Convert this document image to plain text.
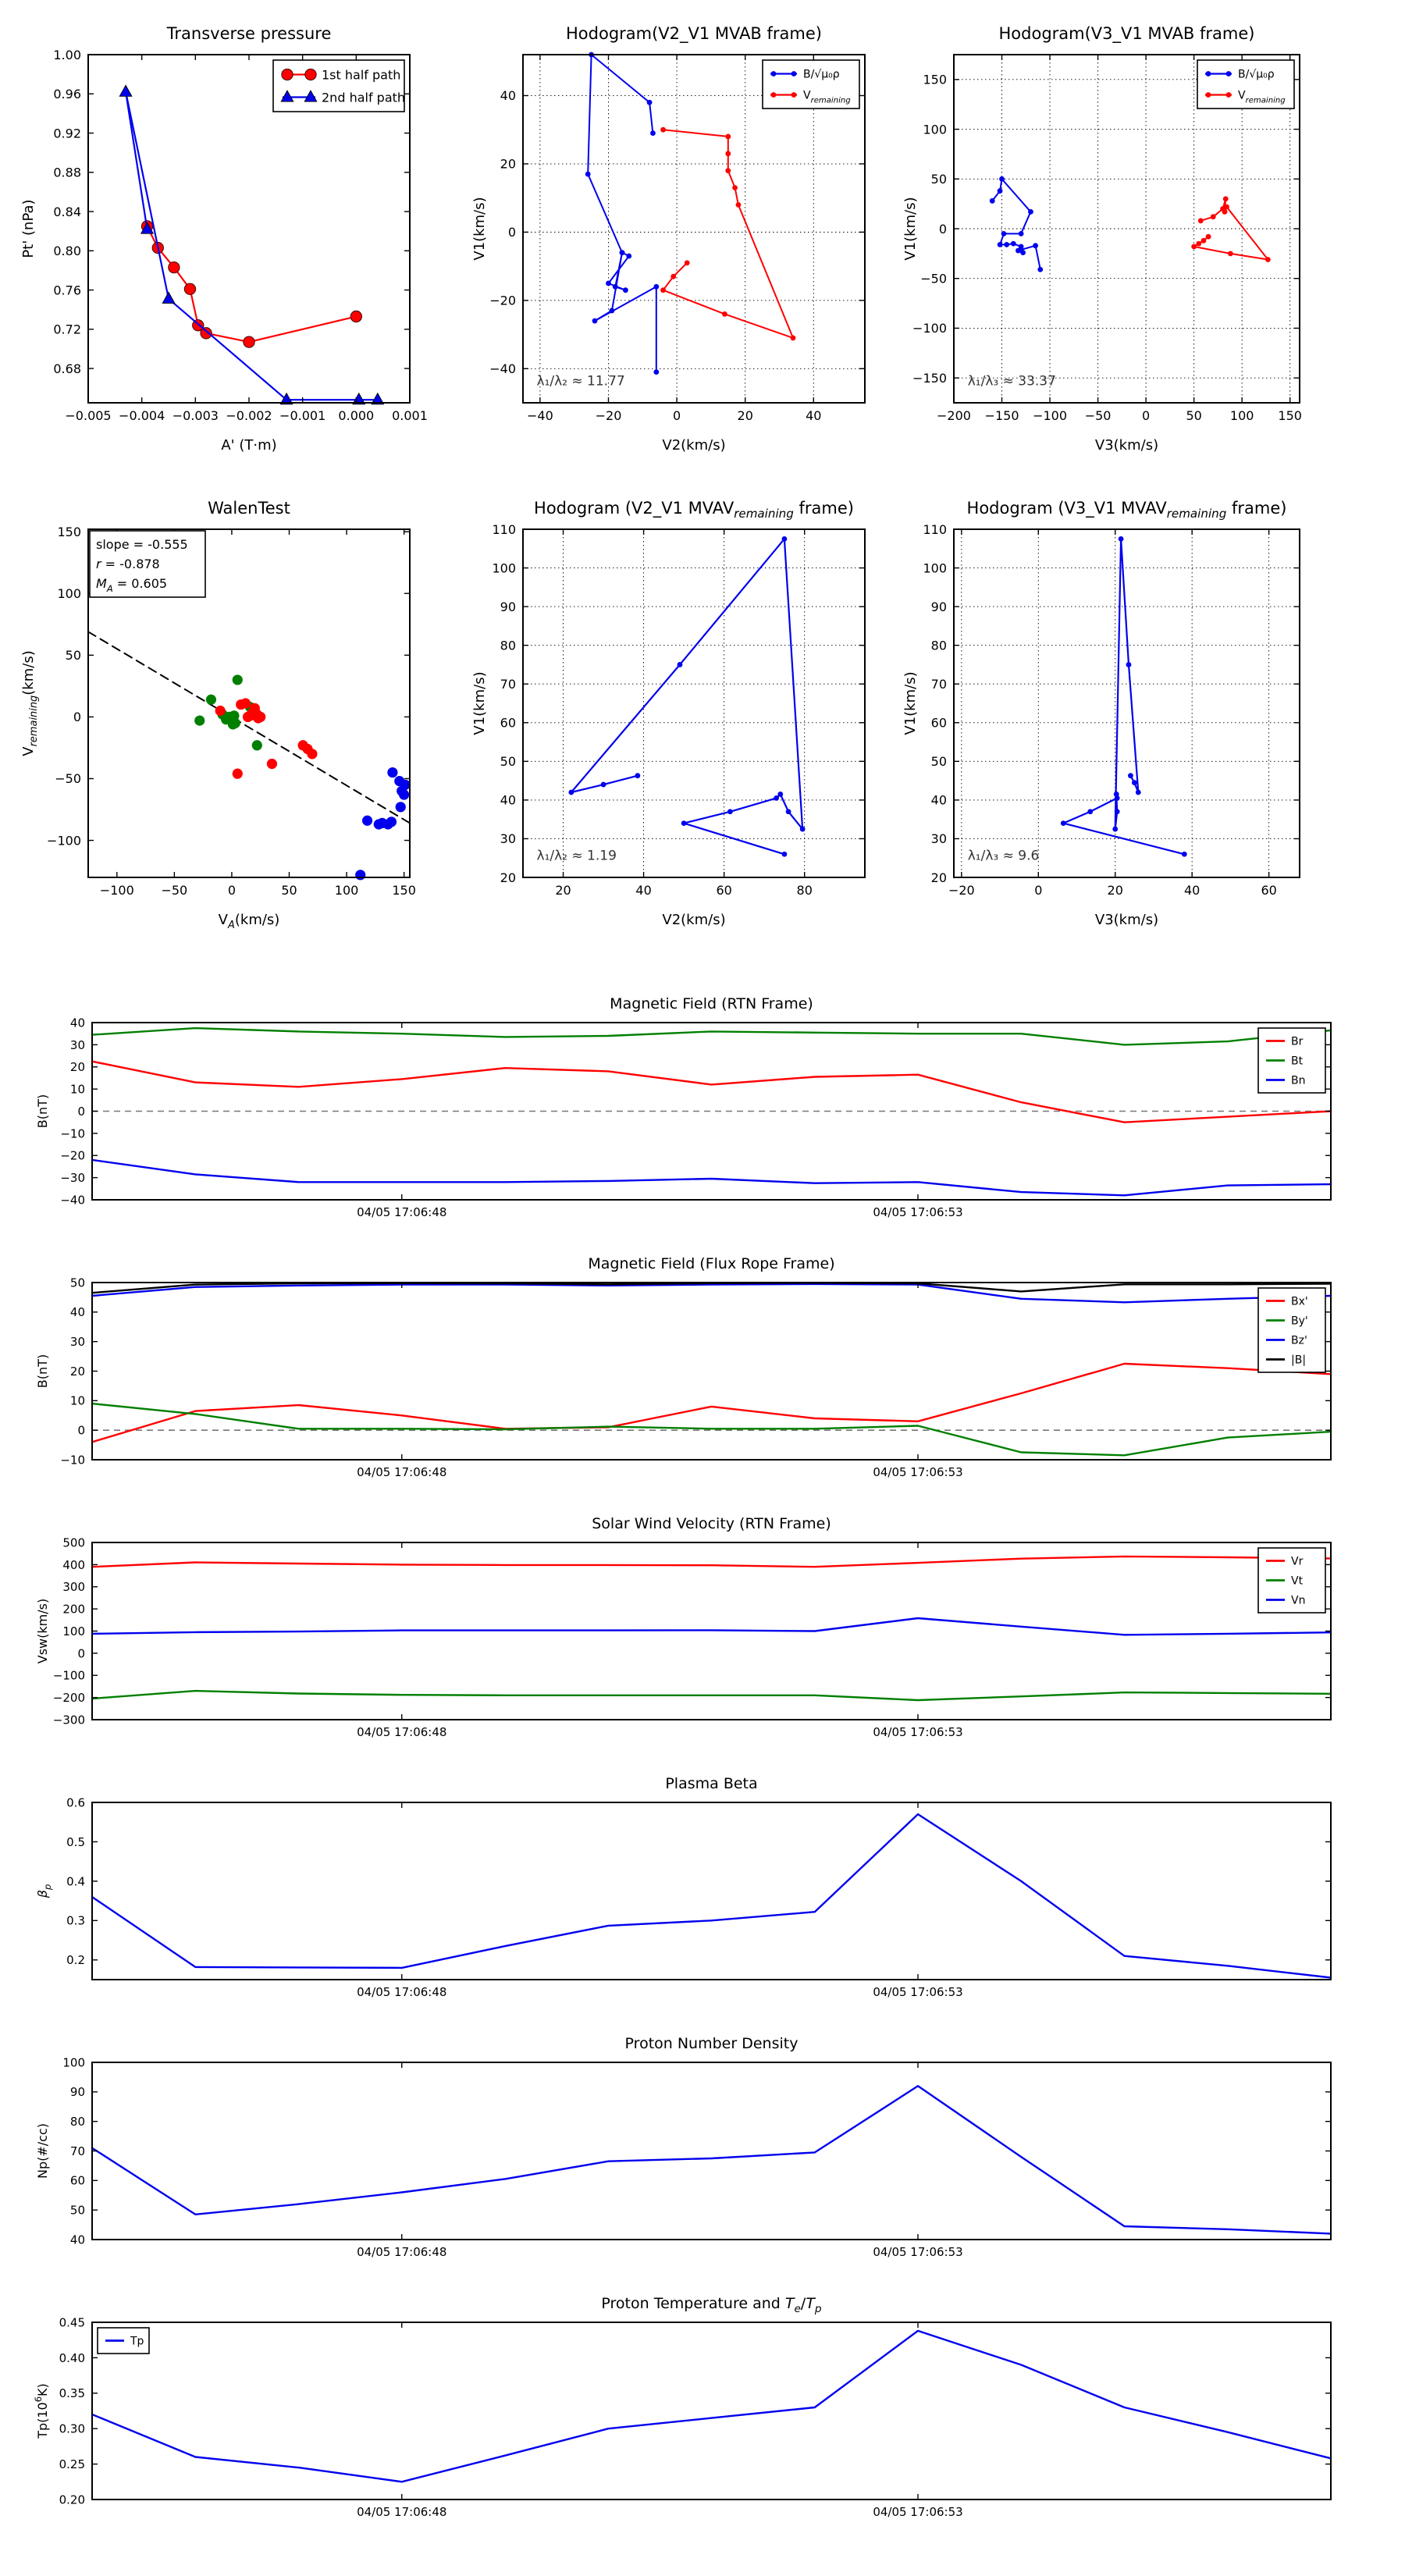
−0.005 −0.004 −0.003 −0.002 −0.001 0.000 0.001
0.68
0.72
0.76
0.80
0.84
0.88
0.92
0.96
1.00
Transverse pressure
A' (T·m)
Pt' (nPa)
1st half path
2nd half path
−40	−20	0	20	40
−40
−20
0
20
40
Hodogram(V2_V1 MVAB frame)
V2(km/s)
V1(km/s)
λ₁/λ₂ ≈ 11.77
B/√μ₀ρ
$V_{remaining}$
−200 −150 −100 −50 0	50 100 150
−150
−100
−50
0
50
100
150
Hodogram(V3_V1 MVAB frame)
V3(km/s)
V1(km/s)
λ₁/λ₃ ≈ 33.37
B/√μ₀ρ
$V_{remaining}$
−100 −50	0	50	100	150
−100
−50
0
50
100
150
WalenTest
$V_A(km/s)$
$V_{remaining}(km/s)$
slope = -0.555
r = -0.878
$M_A = 0.605$
20	40	60	80
20
30
40
50
60
70
80
90
100
110
Hodogram (V2_V1 $MVAV_{remaining}$ frame)
V2(km/s)
V1(km/s)
λ₁/λ₂ ≈ 1.19
−20	0	20	40	60
20
30
40
50
60
70
80
90
100
110
Hodogram (V3_V1 $MVAV_{remaining}$ frame)
V3(km/s)
V1(km/s)
λ₁/λ₃ ≈ 9.6
04/05 17:06:48	04/05 17:06:53
−40
−30
−20
−10
0
10
20
30
40
Magnetic Field (RTN Frame)
B(nT)
Br
Bt
Bn
04/05 17:06:48	04/05 17:06:53
−10
0
10
20
30
40
50
Magnetic Field (Flux Rope Frame)
B(nT)
Bx'
By'
Bz'
|B|
04/05 17:06:48	04/05 17:06:53
−300
−200
−100
0
100
200
300
400
500
Solar Wind Velocity (RTN Frame)
Vsw(km/s)
Vr
Vt
Vn
04/05 17:06:48	04/05 17:06:53
0.2
0.3
0.4
0.5
0.6
Plasma Beta
$\beta_p$
04/05 17:06:48	04/05 17:06:53
40
50
60
70
80
90
100
Proton Number Density
Np(#/cc)
04/05 17:06:48	04/05 17:06:53
0.20
0.25
0.30
0.35
0.40
0.45
Proton Temperature and $T_e/T_p$
$Tp(10^6K)$
Tp
